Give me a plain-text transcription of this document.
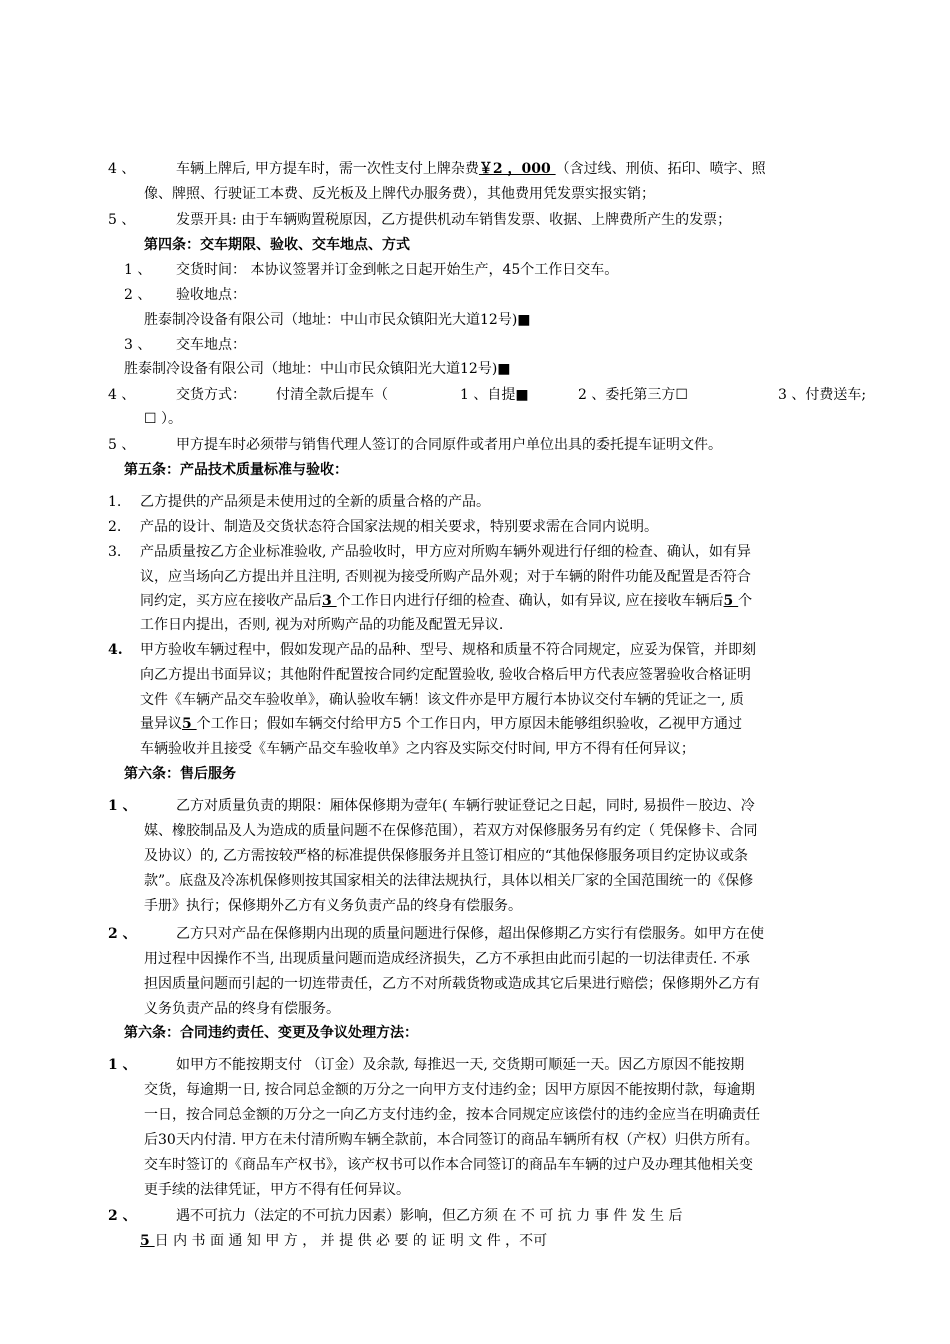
4 、	车辆上牌后, 甲方提车时，需一次性支付上牌杂费￥2 ，000 （含过线、刑侦、拓印、喷字、照
像、牌照、行驶证工本费、反光板及上牌代办服务费），其他费用凭发票实报实销；
5 、	发票开具: 由于车辆购置税原因，乙方提供机动车销售发票、收据、上牌费所产生的发票；
第四条：交车期限、验收、交车地点、方式
1 、 交货时间： 本协议签署并订金到帐之日起开始生产，45个工作日交车。
2 、 验收地点：
胜泰制冷设备有限公司（地址：中山市民众镇阳光大道12号)■
3 、 交车地点：
胜泰制冷设备有限公司（地址：中山市民众镇阳光大道12号)■
4 、	交货方式： 付清全款后提车（	1 、自提■	2 、委托第三方☐	3 、付费送车;
☐ ）。
5 、	甲方提车时必须带与销售代理人签订的合同原件或者用户单位出具的委托提车证明文件。
第五条：产品技术质量标准与验收：
1. 乙方提供的产品须是未使用过的全新的质量合格的产品。
2. 产品的设计、制造及交货状态符合国家法规的相关要求，特别要求需在合同内说明。
3. 产品质量按乙方企业标准验收, 产品验收时，甲方应对所购车辆外观进行仔细的检查、确认，如有异
议，应当场向乙方提出并且注明, 否则视为接受所购产品外观；对于车辆的附件功能及配置是否符合
同约定，买方应在接收产品后3 个工作日内进行仔细的检查、确认，如有异议, 应在接收车辆后5 个
工作日内提出，否则, 视为对所购产品的功能及配置无异议.
4. 甲方验收车辆过程中，假如发现产品的品种、型号、规格和质量不符合同规定，应妥为保管，并即刻
向乙方提出书面异议；其他附件配置按合同约定配置验收, 验收合格后甲方代表应签署验收合格证明
文件《车辆产品交车验收单》，确认验收车辆！该文件亦是甲方履行本协议交付车辆的凭证之一, 质
量异议5 个工作日；假如车辆交付给甲方5 个工作日内，甲方原因未能够组织验收，乙视甲方通过
车辆验收并且接受《车辆产品交车验收单》之内容及实际交付时间, 甲方不得有任何异议；
第六条：售后服务
1 、	乙方对质量负责的期限：厢体保修期为壹年( 车辆行驶证登记之日起，同时, 易损件－胶边、冷
媒、橡胶制品及人为造成的质量问题不在保修范围），若双方对保修服务另有约定（ 凭保修卡、合同
及协议）的, 乙方需按较严格的标准提供保修服务并且签订相应的“其他保修服务项目约定协议或条
款”。底盘及冷冻机保修则按其国家相关的法律法规执行，具体以相关厂家的全国范围统一的《保修
手册》执行；保修期外乙方有义务负责产品的终身有偿服务。
2 、	乙方只对产品在保修期内出现的质量问题进行保修，超出保修期乙方实行有偿服务。如甲方在使
用过程中因操作不当, 出现质量问题而造成经济损失，乙方不承担由此而引起的一切法律责任. 不承
担因质量问题而引起的一切连带责任，乙方不对所载货物或造成其它后果进行赔偿；保修期外乙方有
义务负责产品的终身有偿服务。
第六条：合同违约责任、变更及争议处理方法：
1 、	如甲方不能按期支付 （订金）及余款, 每推迟一天, 交货期可顺延一天。因乙方原因不能按期
交货，每逾期一日, 按合同总金额的万分之一向甲方支付违约金；因甲方原因不能按期付款，每逾期
一日，按合同总金额的万分之一向乙方支付违约金，按本合同规定应该偿付的违约金应当在明确责任
后30天内付清. 甲方在未付清所购车辆全款前，本合同签订的商品车辆所有权（产权）归供方所有。
交车时签订的《商品车产权书》，该产权书可以作本合同签订的商品车车辆的过户及办理其他相关变
更手续的法律凭证，甲方不得有任何异议。
2 、	遇不可抗力（法定的不可抗力因素）影响，但乙方须 在 不 可 抗 力 事 件 发 生 后
5 日 内 书 面 通 知 甲 方 ， 并 提 供 必 要 的 证 明 文 件 ，不可
